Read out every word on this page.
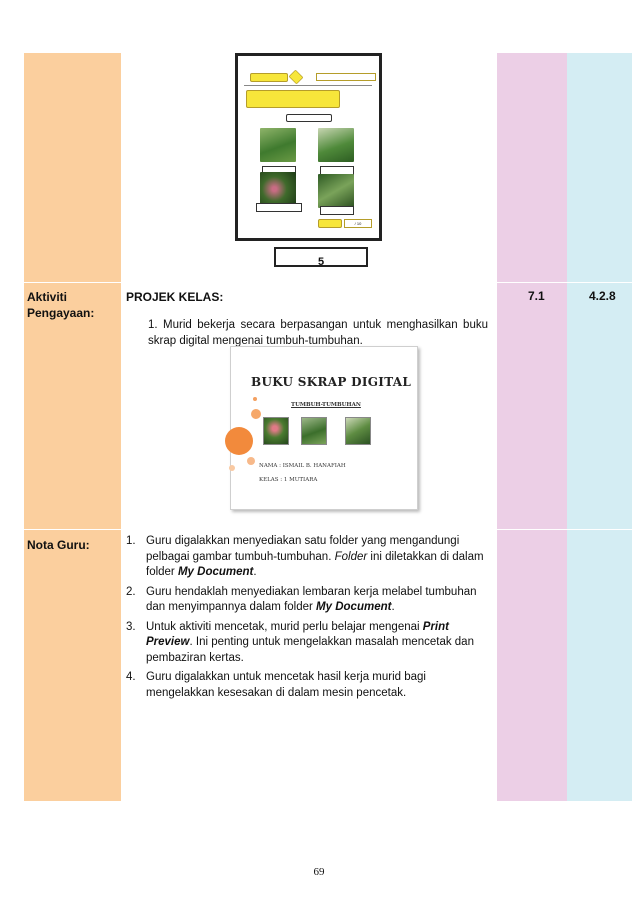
/ 10
5
Aktiviti Pengayaan:
PROJEK KELAS:
1. Murid bekerja secara berpasangan untuk menghasilkan buku skrap digital mengenai tumbuh-tumbuhan.
7.1	4.2.8
BUKU SKRAP DIGITAL
TUMBUH-TUMBUHAN
NAMA : ISMAIL B. HANAFIAH
KELAS : 1 MUTIARA
Nota Guru:	1. Guru digalakkan menyediakan satu folder yang mengandungi pelbagai gambar tumbuh-tumbuhan. Folder ini diletakkan di dalam folder My Document.
2. Guru hendaklah menyediakan lembaran kerja melabel tumbuhan dan menyimpannya dalam folder My Document.
3. Untuk aktiviti mencetak, murid perlu belajar mengenai Print Preview. Ini penting untuk mengelakkan masalah mencetak dan pembaziran kertas.
4. Guru digalakkan untuk mencetak hasil kerja murid bagi mengelakkan kesesakan di dalam mesin pencetak.
69
